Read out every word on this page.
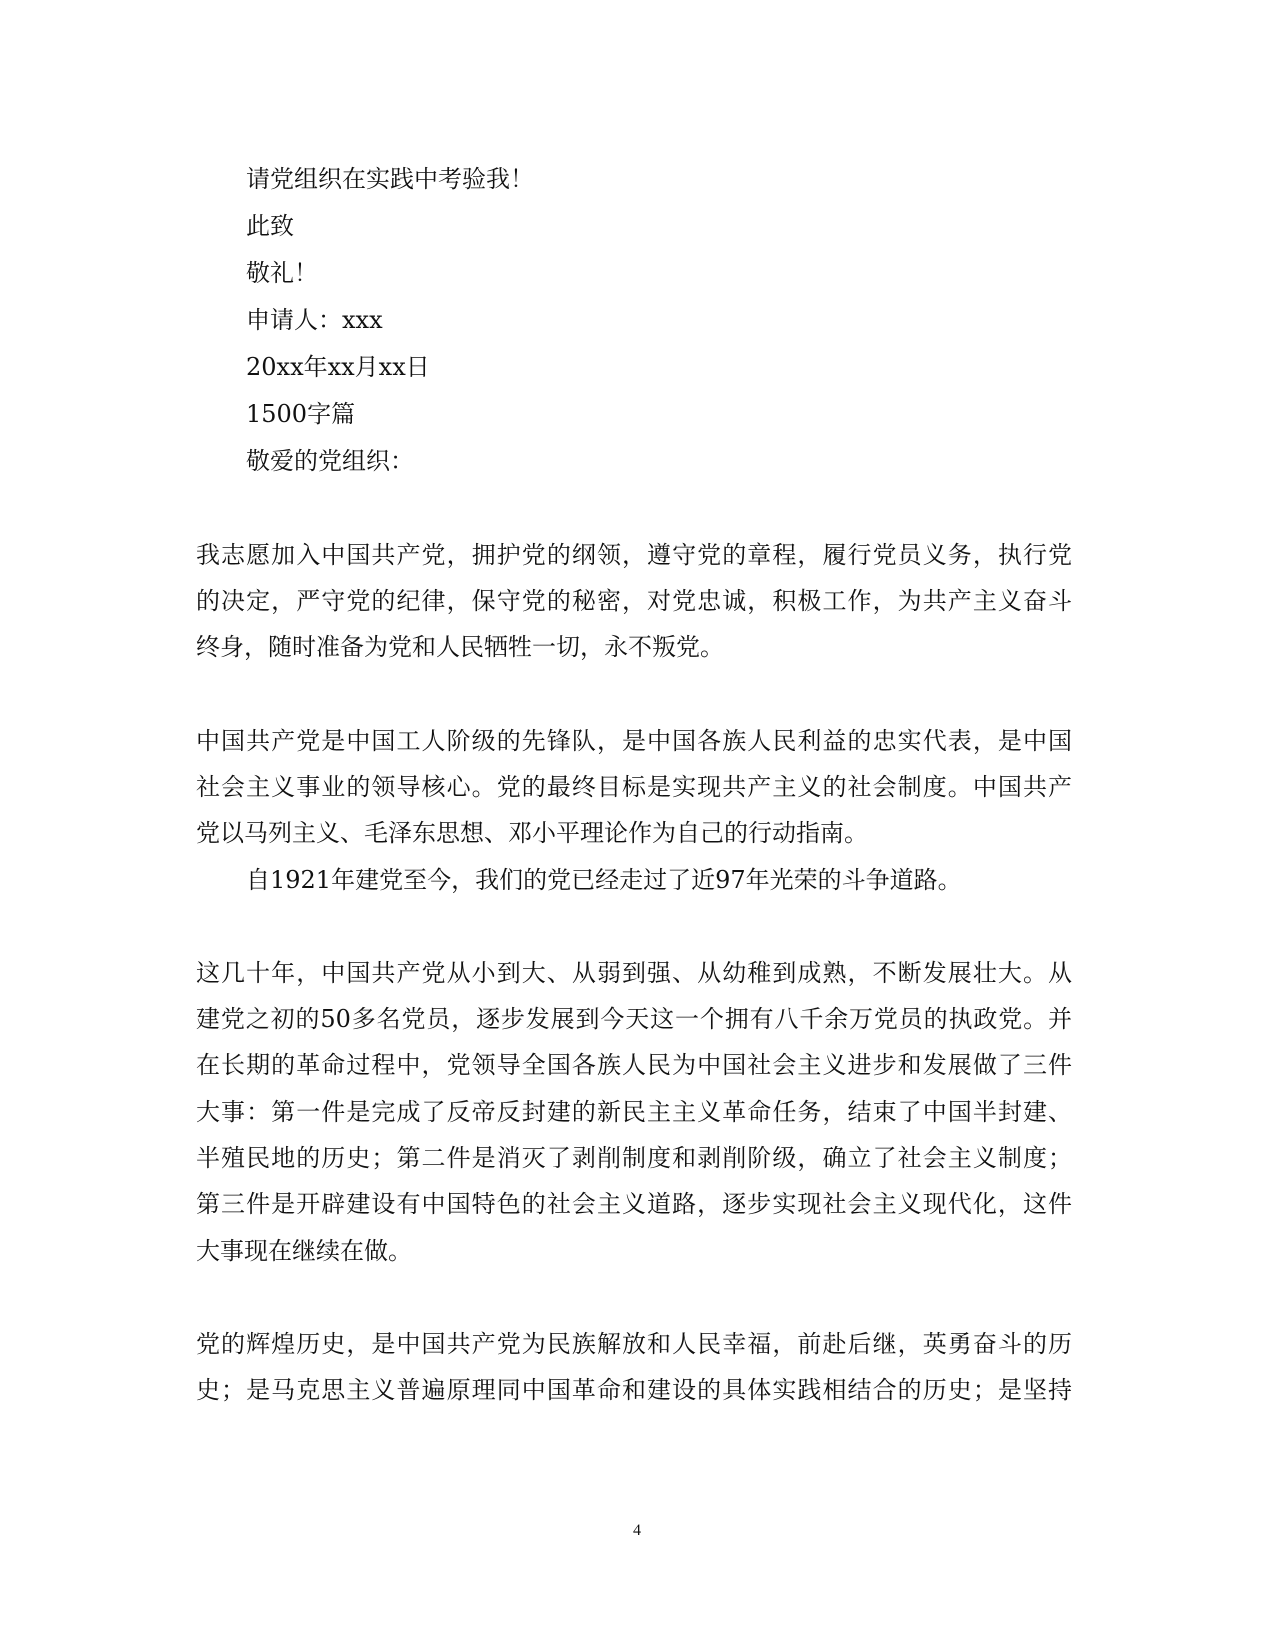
请党组织在实践中考验我！
此致
敬礼！
申请人：xxx
20xx年xx月xx日
1500字篇
敬爱的党组织：
我志愿加入中国共产党，拥护党的纲领，遵守党的章程，履行党员义务，执行党
的决定，严守党的纪律，保守党的秘密，对党忠诚，积极工作，为共产主义奋斗
终身，随时准备为党和人民牺牲一切，永不叛党。
中国共产党是中国工人阶级的先锋队，是中国各族人民利益的忠实代表，是中国
社会主义事业的领导核心。党的最终目标是实现共产主义的社会制度。中国共产
党以马列主义、毛泽东思想、邓小平理论作为自己的行动指南。
自1921年建党至今，我们的党已经走过了近97年光荣的斗争道路。
这几十年，中国共产党从小到大、从弱到强、从幼稚到成熟，不断发展壮大。从
建党之初的50多名党员，逐步发展到今天这一个拥有八千余万党员的执政党。并
在长期的革命过程中，党领导全国各族人民为中国社会主义进步和发展做了三件
大事：第一件是完成了反帝反封建的新民主主义革命任务，结束了中国半封建、
半殖民地的历史；第二件是消灭了剥削制度和剥削阶级，确立了社会主义制度；
第三件是开辟建设有中国特色的社会主义道路，逐步实现社会主义现代化，这件
大事现在继续在做。
党的辉煌历史，是中国共产党为民族解放和人民幸福，前赴后继，英勇奋斗的历
史；是马克思主义普遍原理同中国革命和建设的具体实践相结合的历史；是坚持
4
